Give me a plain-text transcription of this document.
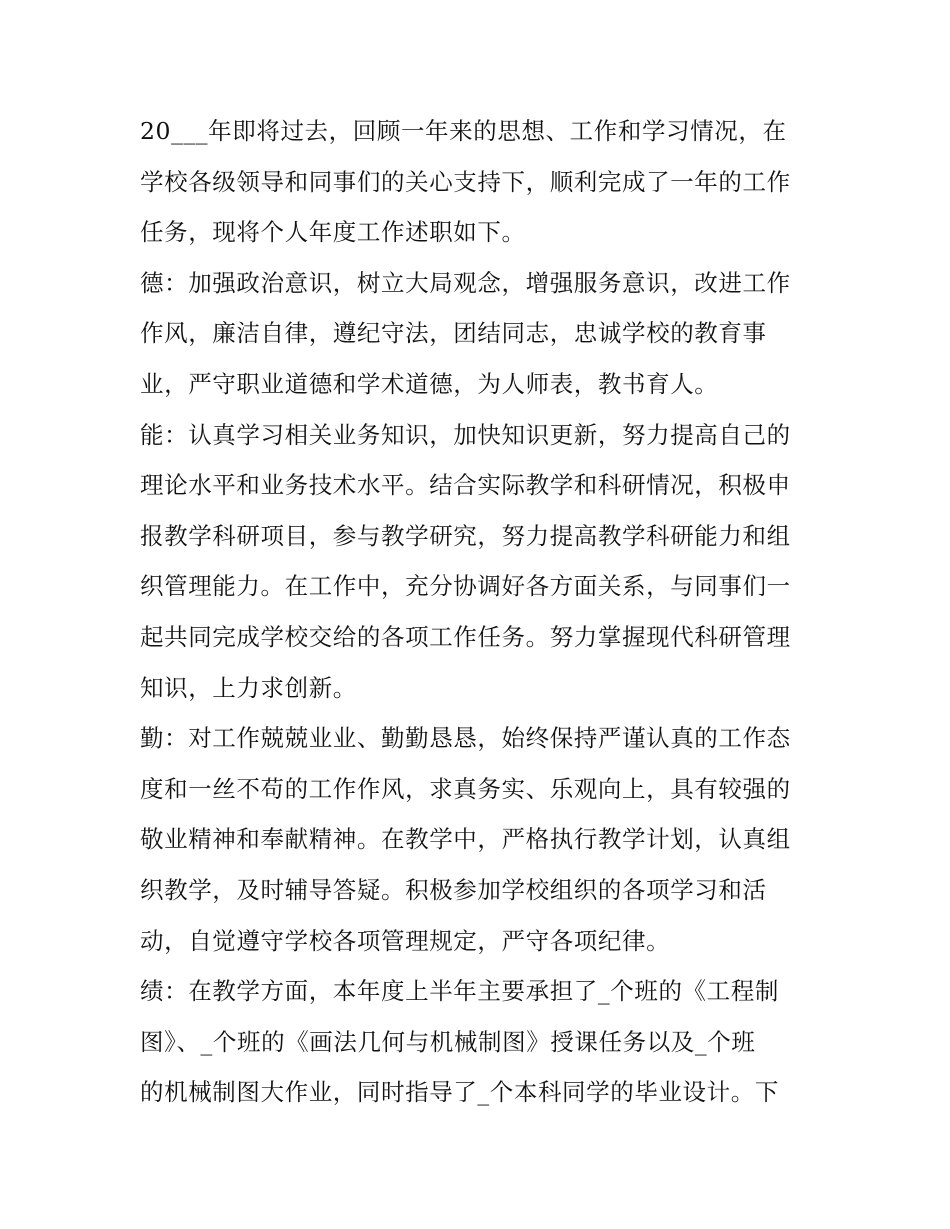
20___年即将过去，回顾一年来的思想、工作和学习情况，在
学校各级领导和同事们的关心支持下，顺利完成了一年的工作
任务，现将个人年度工作述职如下。
德：加强政治意识，树立大局观念，增强服务意识，改进工作
作风，廉洁自律，遵纪守法，团结同志，忠诚学校的教育事
业，严守职业道德和学术道德，为人师表，教书育人。
能：认真学习相关业务知识，加快知识更新，努力提高自己的
理论水平和业务技术水平。结合实际教学和科研情况，积极申
报教学科研项目，参与教学研究，努力提高教学科研能力和组
织管理能力。在工作中，充分协调好各方面关系，与同事们一
起共同完成学校交给的各项工作任务。努力掌握现代科研管理
知识，上力求创新。
勤：对工作兢兢业业、勤勤恳恳，始终保持严谨认真的工作态
度和一丝不苟的工作作风，求真务实、乐观向上，具有较强的
敬业精神和奉献精神。在教学中，严格执行教学计划，认真组
织教学，及时辅导答疑。积极参加学校组织的各项学习和活
动，自觉遵守学校各项管理规定，严守各项纪律。
绩：在教学方面，本年度上半年主要承担了_个班的《工程制
图》、_个班的《画法几何与机械制图》授课任务以及_个班
的机械制图大作业，同时指导了_个本科同学的毕业设计。下
